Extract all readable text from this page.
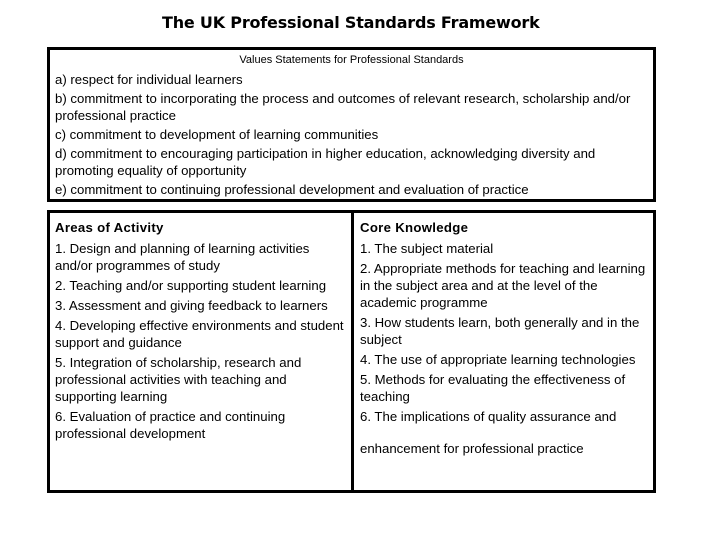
The UK Professional Standards Framework
Values Statements for Professional Standards
a) respect for individual learners
b) commitment to incorporating the process and outcomes of relevant research, scholarship and/or professional practice
c) commitment to development of learning communities
d) commitment to encouraging participation in higher education, acknowledging diversity and promoting equality of opportunity
e) commitment to continuing professional development and evaluation of practice
Areas of Activity
1. Design and planning of learning activities and/or programmes of study
2. Teaching and/or supporting student learning
3. Assessment and giving feedback to learners
4. Developing effective environments and student support and guidance
5. Integration of scholarship, research and professional activities with teaching and supporting learning
6. Evaluation of practice and continuing professional development
Core Knowledge
1. The subject material
2. Appropriate methods for teaching and learning in the subject area and at the level of the academic programme
3. How students learn, both generally and in the subject
4. The use of appropriate learning technologies
5. Methods for evaluating the effectiveness of teaching
6. The implications of quality assurance and
enhancement for professional practice
